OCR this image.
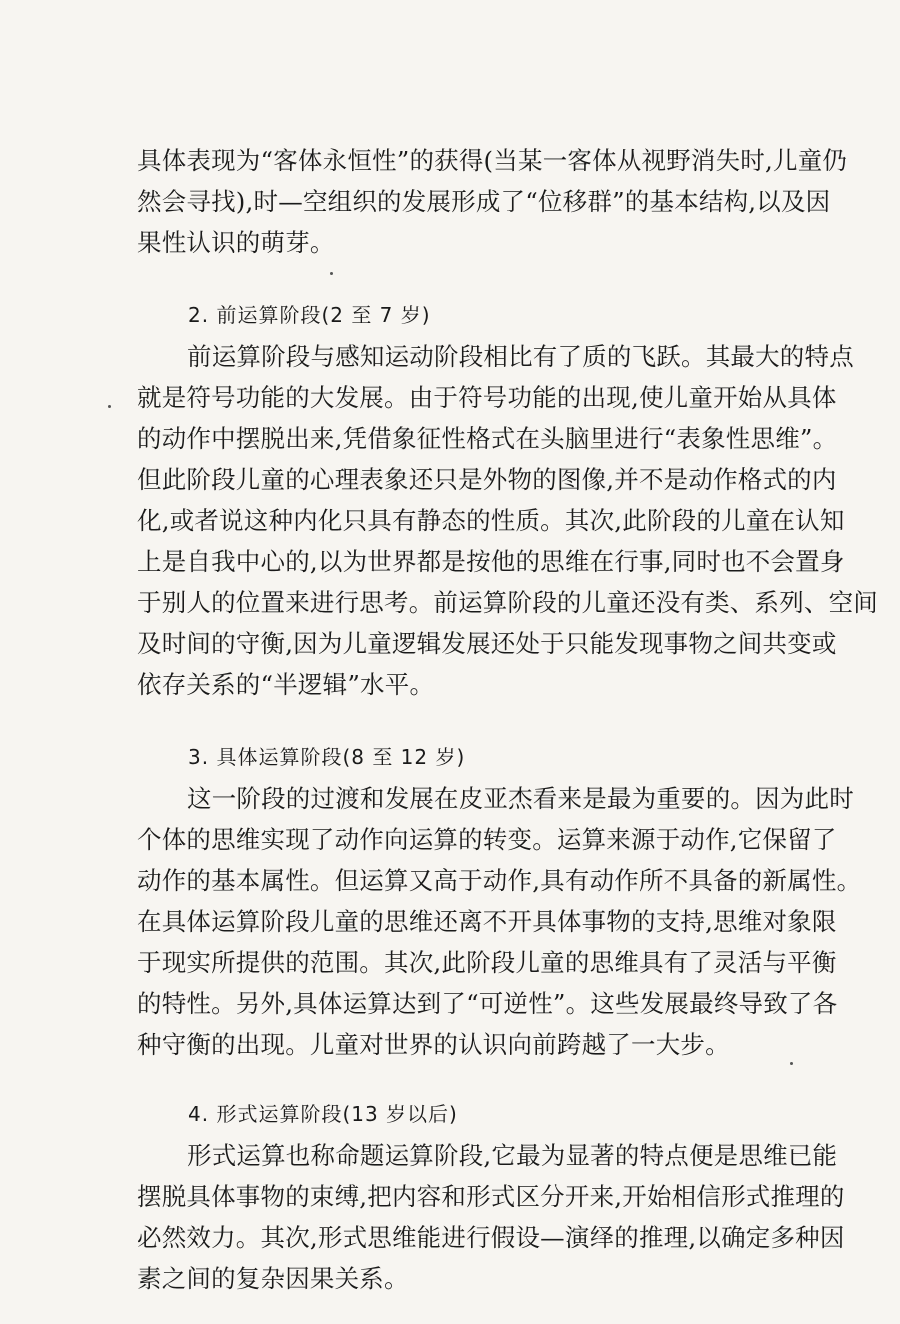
具体表现为“客体永恒性”的获得(当某一客体从视野消失时,儿童仍
然会寻找),时—空组织的发展形成了“位移群”的基本结构,以及因
果性认识的萌芽。
2. 前运算阶段(2 至 7 岁)
前运算阶段与感知运动阶段相比有了质的飞跃。其最大的特点
就是符号功能的大发展。由于符号功能的出现,使儿童开始从具体
的动作中摆脱出来,凭借象征性格式在头脑里进行“表象性思维”。
但此阶段儿童的心理表象还只是外物的图像,并不是动作格式的内
化,或者说这种内化只具有静态的性质。其次,此阶段的儿童在认知
上是自我中心的,以为世界都是按他的思维在行事,同时也不会置身
于别人的位置来进行思考。前运算阶段的儿童还没有类、系列、空间
及时间的守衡,因为儿童逻辑发展还处于只能发现事物之间共变或
依存关系的“半逻辑”水平。
3. 具体运算阶段(8 至 12 岁)
这一阶段的过渡和发展在皮亚杰看来是最为重要的。因为此时
个体的思维实现了动作向运算的转变。运算来源于动作,它保留了
动作的基本属性。但运算又高于动作,具有动作所不具备的新属性。
在具体运算阶段儿童的思维还离不开具体事物的支持,思维对象限
于现实所提供的范围。其次,此阶段儿童的思维具有了灵活与平衡
的特性。另外,具体运算达到了“可逆性”。这些发展最终导致了各
种守衡的出现。儿童对世界的认识向前跨越了一大步。
4. 形式运算阶段(13 岁以后)
形式运算也称命题运算阶段,它最为显著的特点便是思维已能
摆脱具体事物的束缚,把内容和形式区分开来,开始相信形式推理的
必然效力。其次,形式思维能进行假设—演绎的推理,以确定多种因
素之间的复杂因果关系。
